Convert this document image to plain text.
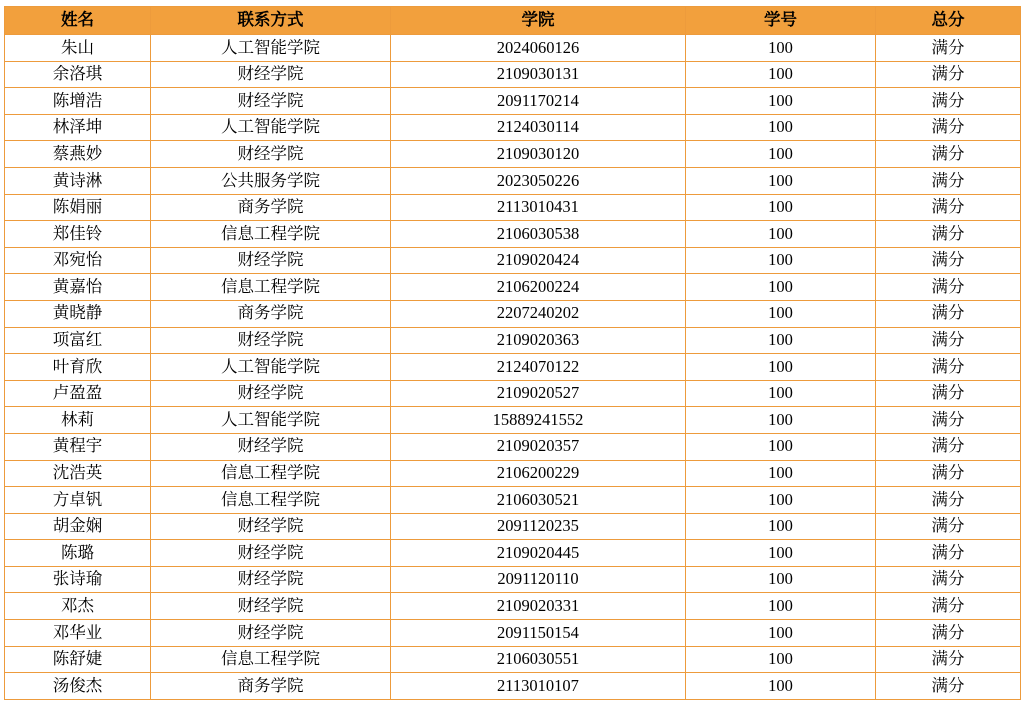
姓名	联系方式	学院	学号	总分
朱山	人工智能学院	2024060126	100	满分
余洛琪	财经学院	2109030131	100	满分
陈增浩	财经学院	2091170214	100	满分
林泽坤	人工智能学院	2124030114	100	满分
蔡燕妙	财经学院	2109030120	100	满分
黄诗淋	公共服务学院	2023050226	100	满分
陈娟丽	商务学院	2113010431	100	满分
郑佳铃	信息工程学院	2106030538	100	满分
邓宛怡	财经学院	2109020424	100	满分
黄嘉怡	信息工程学院	2106200224	100	满分
黄晓静	商务学院	2207240202	100	满分
项富红	财经学院	2109020363	100	满分
叶育欣	人工智能学院	2124070122	100	满分
卢盈盈	财经学院	2109020527	100	满分
林莉	人工智能学院	15889241552	100	满分
黄程宇	财经学院	2109020357	100	满分
沈浩英	信息工程学院	2106200229	100	满分
方卓钒	信息工程学院	2106030521	100	满分
胡金娴	财经学院	2091120235	100	满分
陈璐	财经学院	2109020445	100	满分
张诗瑜	财经学院	2091120110	100	满分
邓杰	财经学院	2109020331	100	满分
邓华业	财经学院	2091150154	100	满分
陈舒婕	信息工程学院	2106030551	100	满分
汤俊杰	商务学院	2113010107	100	满分
